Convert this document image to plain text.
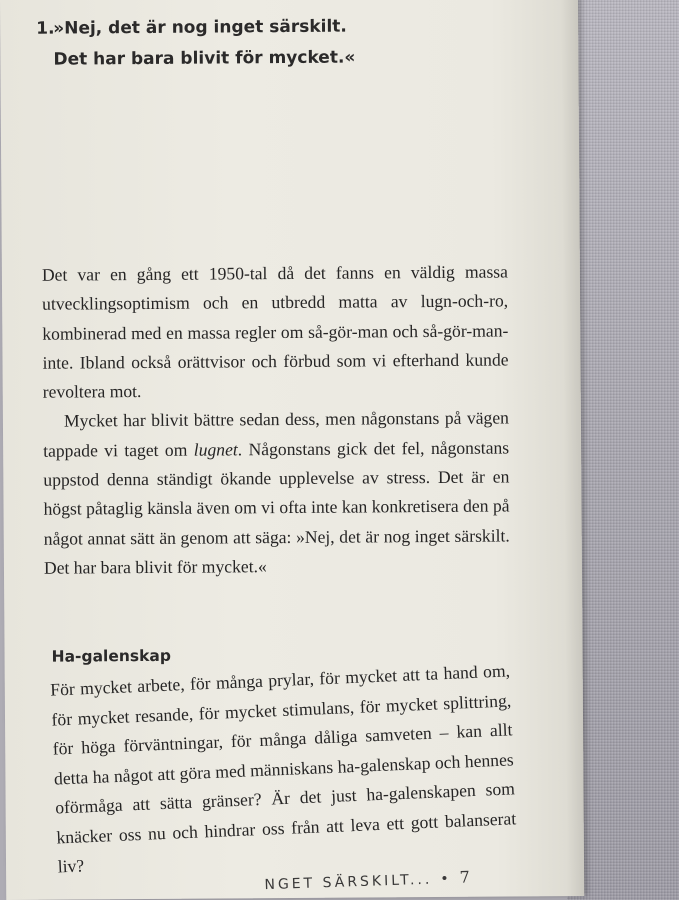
1.»Nej, det är nog inget särskilt.
Det har bara blivit för mycket.«

Det var en gång ett 1950-tal då det fanns en väldig massa utvecklingsoptimism och en utbredd matta av lugn-och-ro, kombinerad med en massa regler om så-gör-man och så-gör-man-inte. Ibland också orättvisor och förbud som vi efterhand kunde revoltera mot.

Mycket har blivit bättre sedan dess, men någonstans på vägen tappade vi taget om lugnet. Någonstans gick det fel, någonstans uppstod denna ständigt ökande upplevelse av stress. Det är en högst påtaglig känsla även om vi ofta inte kan konkretisera den på något annat sätt än genom att säga: »Nej, det är nog inget särskilt. Det har bara blivit för mycket.«

Ha-galenskap

För mycket arbete, för många prylar, för mycket att ta hand om, för mycket resande, för mycket stimulans, för mycket splittring, för höga förväntningar, för många dåliga samveten – kan allt detta ha något att göra med människans ha-galenskap och hennes oförmåga att sätta gränser? Är det just ha-galenskapen som knäcker oss nu och hindrar oss från att leva ett gott balanserat liv?

NGET SÄRSKILT... • 7
